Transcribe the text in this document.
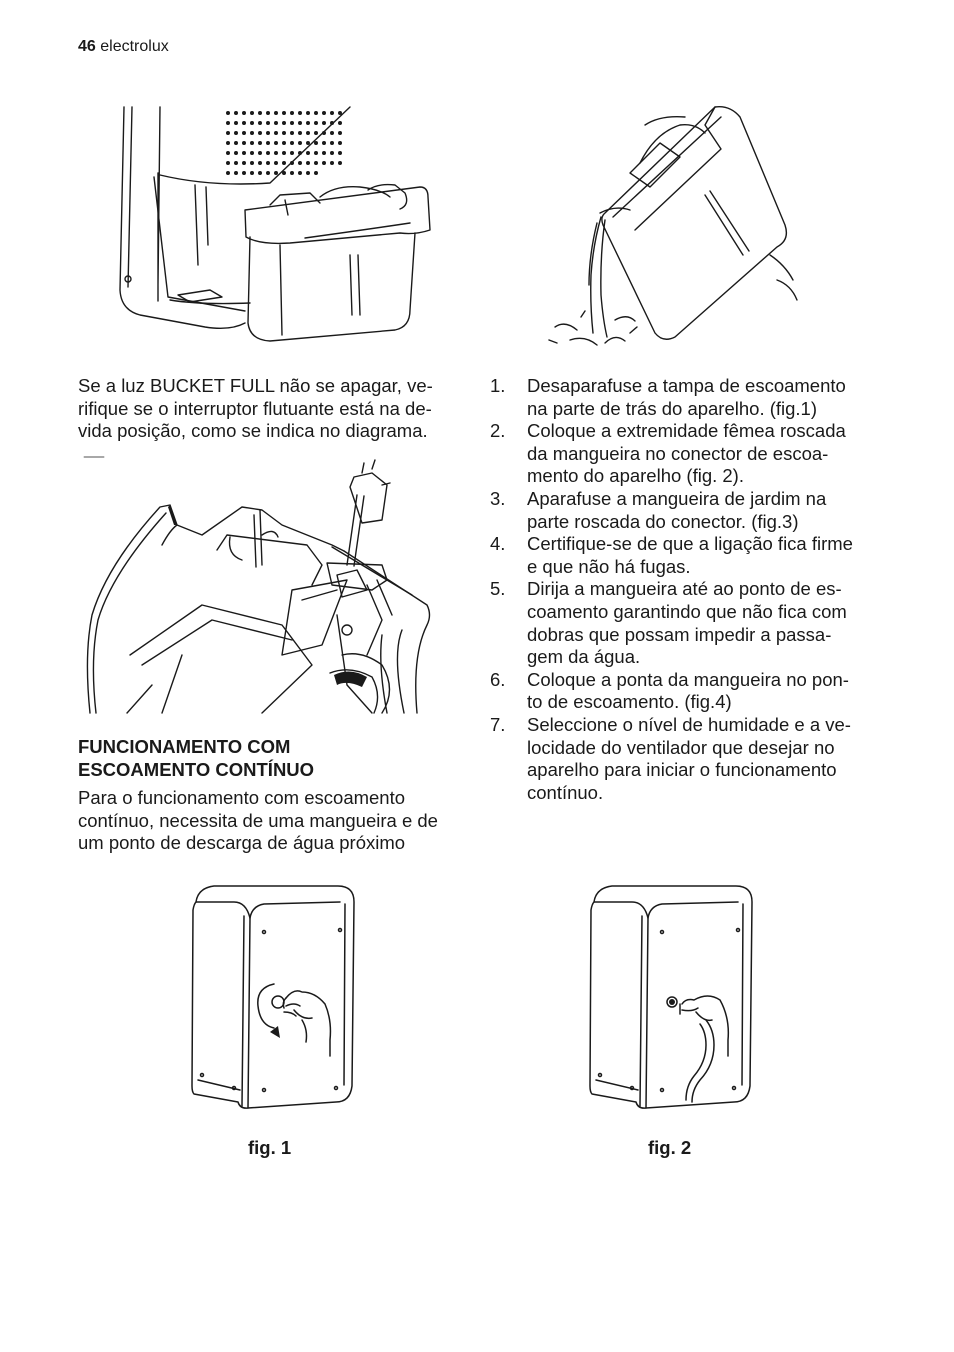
46 electrolux
Se a luz BUCKET FULL não se apagar, ve-
rifique se o interruptor flutuante está na de-
vida posição, como se indica no diagrama.
FUNCIONAMENTO COM
ESCOAMENTO CONTÍNUO
Para o funcionamento com escoamento
contínuo, necessita de uma mangueira e de
um ponto de descarga de água próximo
1. Desaparafuse a tampa de escoamento
na parte de trás do aparelho. (fig.1)
2. Coloque a extremidade fêmea roscada
da mangueira no conector de escoa-
mento do aparelho (fig. 2).
3. Aparafuse a mangueira de jardim na
parte roscada do conector. (fig.3)
4. Certifique-se de que a ligação fica firme
e que não há fugas.
5. Dirija a mangueira até ao ponto de es-
coamento garantindo que não fica com
dobras que possam impedir a passa-
gem da água.
6. Coloque a ponta da mangueira no pon-
to de escoamento. (fig.4)
7. Seleccione o nível de humidade e a ve-
locidade do ventilador que desejar no
aparelho para iniciar o funcionamento
contínuo.
fig. 1	fig. 2
